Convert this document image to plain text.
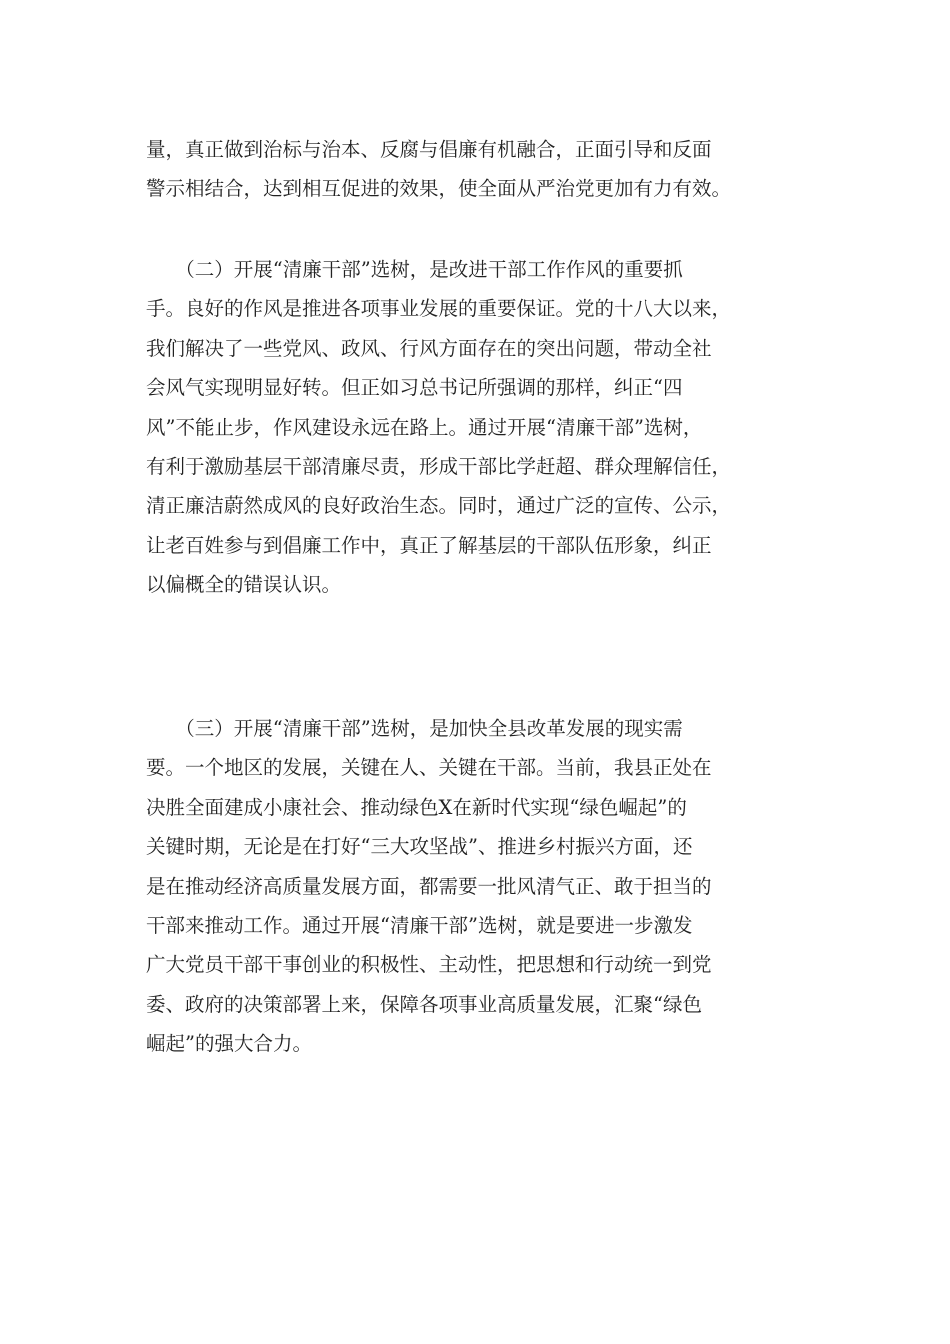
量，真正做到治标与治本、反腐与倡廉有机融合，正面引导和反面
警示相结合，达到相互促进的效果，使全面从严治党更加有力有效。
　　（二）开展“清廉干部”选树，是改进干部工作作风的重要抓
手。良好的作风是推进各项事业发展的重要保证。党的十八大以来，
我们解决了一些党风、政风、行风方面存在的突出问题，带动全社
会风气实现明显好转。但正如习总书记所强调的那样，纠正“四
风”不能止步，作风建设永远在路上。通过开展“清廉干部”选树，
有利于激励基层干部清廉尽责，形成干部比学赶超、群众理解信任，
清正廉洁蔚然成风的良好政治生态。同时，通过广泛的宣传、公示，
让老百姓参与到倡廉工作中，真正了解基层的干部队伍形象，纠正
以偏概全的错误认识。
　　（三）开展“清廉干部”选树，是加快全县改革发展的现实需
要。一个地区的发展，关键在人、关键在干部。当前，我县正处在
决胜全面建成小康社会、推动绿色X在新时代实现“绿色崛起”的
关键时期，无论是在打好“三大攻坚战”、推进乡村振兴方面，还
是在推动经济高质量发展方面，都需要一批风清气正、敢于担当的
干部来推动工作。通过开展“清廉干部”选树，就是要进一步激发
广大党员干部干事创业的积极性、主动性，把思想和行动统一到党
委、政府的决策部署上来，保障各项事业高质量发展，汇聚“绿色
崛起”的强大合力。
